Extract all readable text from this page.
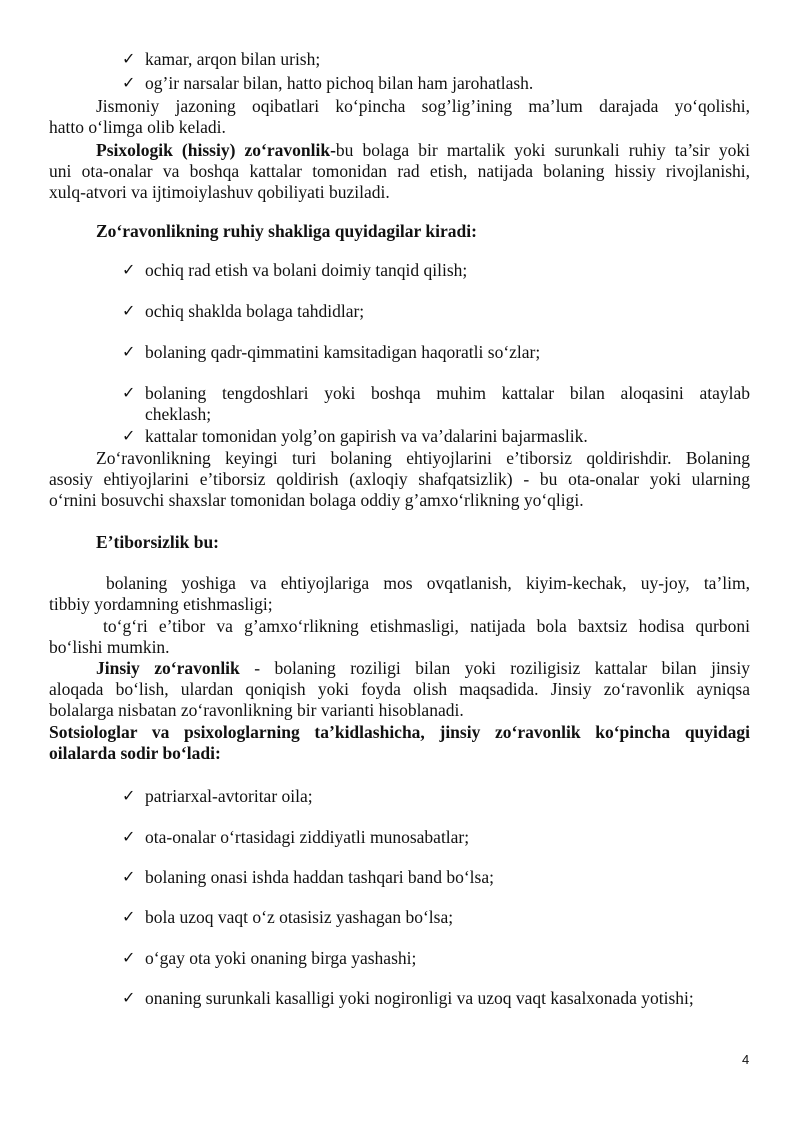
✓ kamar, arqon bilan urish;
✓ og’ir narsalar bilan, hatto pichoq bilan ham jarohatlash.
Jismoniy jazoning oqibatlari ko‘pincha sog’lig’ining ma’lum darajada yo‘qolishi,
hatto o‘limga olib keladi.
Psixologik (hissiy) zo‘ravonlik-bu bolaga bir martalik yoki surunkali ruhiy ta’sir yoki
uni ota-onalar va boshqa kattalar tomonidan rad etish, natijada bolaning hissiy rivojlanishi,
xulq-atvori va ijtimoiylashuv qobiliyati buziladi.
Zo‘ravonlikning ruhiy shakliga quyidagilar kiradi:
✓ ochiq rad etish va bolani doimiy tanqid qilish;
✓ ochiq shaklda bolaga tahdidlar;
✓ bolaning qadr-qimmatini kamsitadigan haqoratli so‘zlar;
✓ bolaning tengdoshlari yoki boshqa muhim kattalar bilan aloqasini ataylab
cheklash;
✓ kattalar tomonidan yolg’on gapirish va va’dalarini bajarmaslik.
Zo‘ravonlikning keyingi turi bolaning ehtiyojlarini e’tiborsiz qoldirishdir. Bolaning
asosiy ehtiyojlarini e’tiborsiz qoldirish (axloqiy shafqatsizlik) - bu ota-onalar yoki ularning
o‘rnini bosuvchi shaxslar tomonidan bolaga oddiy g’amxo‘rlikning yo‘qligi.
E’tiborsizlik bu:
bolaning yoshiga va ehtiyojlariga mos ovqatlanish, kiyim-kechak, uy-joy, ta’lim,
tibbiy yordamning etishmasligi;
to‘g‘ri e’tibor va g’amxo‘rlikning etishmasligi, natijada bola baxtsiz hodisa qurboni
bo‘lishi mumkin.
Jinsiy zo‘ravonlik - bolaning roziligi bilan yoki roziligisiz kattalar bilan jinsiy
aloqada bo‘lish, ulardan qoniqish yoki foyda olish maqsadida. Jinsiy zo‘ravonlik ayniqsa
bolalarga nisbatan zo‘ravonlikning bir varianti hisoblanadi.
Sotsiologlar va psixologlarning ta’kidlashicha, jinsiy zo‘ravonlik ko‘pincha quyidagi
oilalarda sodir bo‘ladi:
✓ patriarxal-avtoritar oila;
✓ ota-onalar o‘rtasidagi ziddiyatli munosabatlar;
✓ bolaning onasi ishda haddan tashqari band bo‘lsa;
✓ bola uzoq vaqt o‘z otasisiz yashagan bo‘lsa;
✓ o‘gay ota yoki onaning birga yashashi;
✓ onaning surunkali kasalligi yoki nogironligi va uzoq vaqt kasalxonada yotishi;
4
